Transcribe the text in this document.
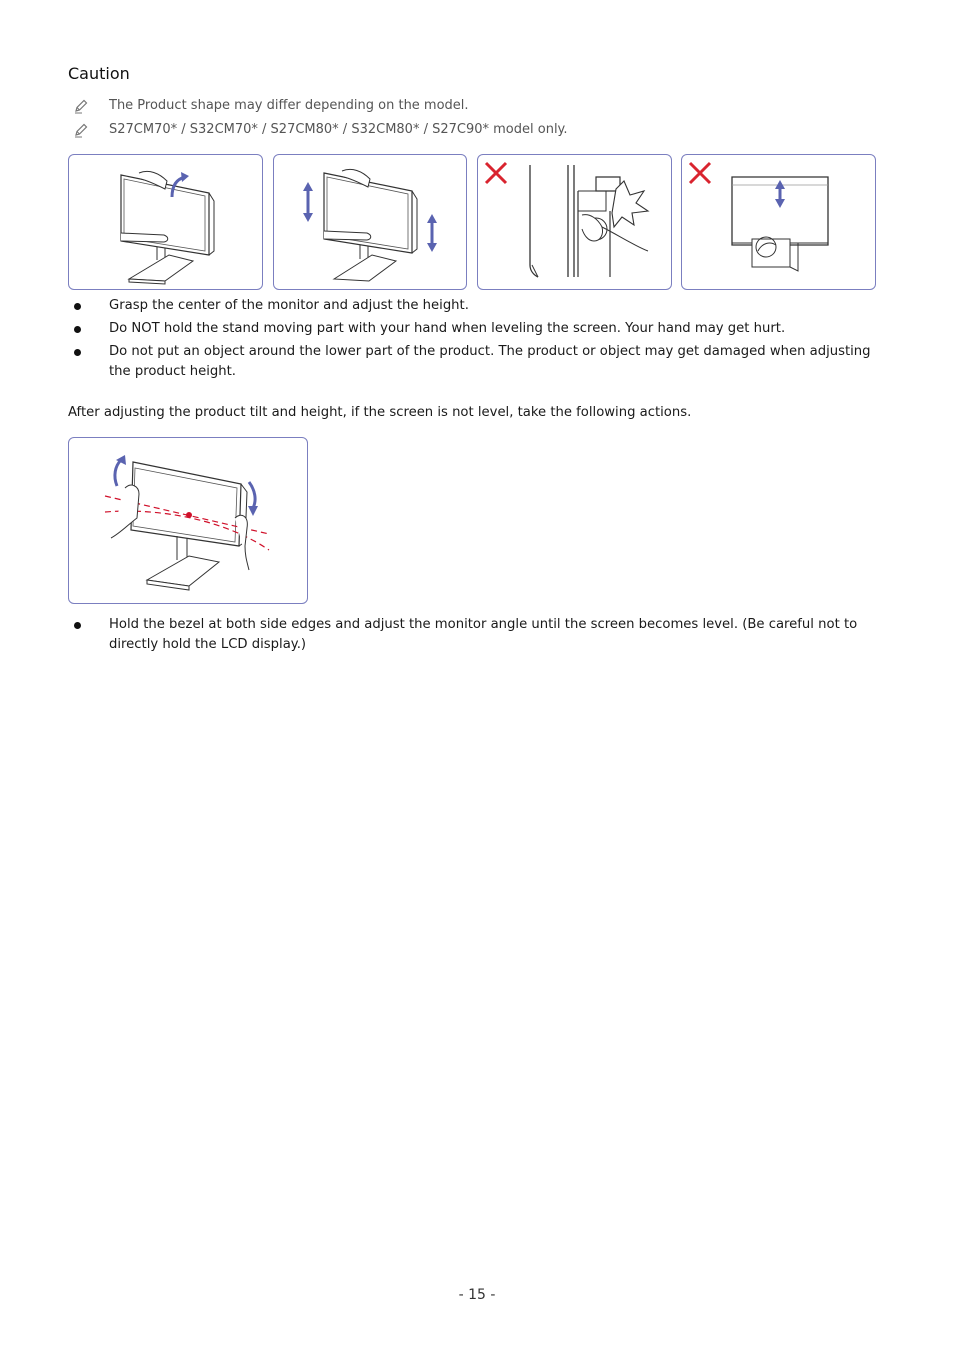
Caution
The Product shape may differ depending on the model.
S27CM70* / S32CM70* / S27CM80* / S32CM80* / S27C90* model only.
Grasp the center of the monitor and adjust the height.
Do NOT hold the stand moving part with your hand when leveling the screen. Your hand may get hurt.
Do not put an object around the lower part of the product. The product or object may get damaged when adjusting the product height.
After adjusting the product tilt and height, if the screen is not level, take the following actions.
Hold the bezel at both side edges and adjust the monitor angle until the screen becomes level. (Be careful not to directly hold the LCD display.)
- 15 -
